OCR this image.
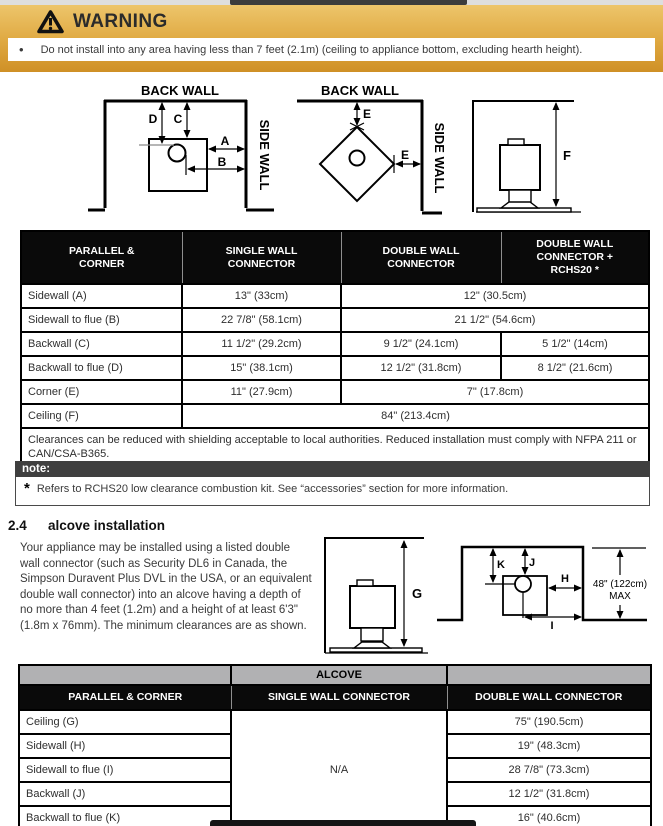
WARNING
• Do not install into any area having less than 7 feet (2.1m) (ceiling to appliance bottom, excluding hearth height).
BACK WALL
SIDE WALL
D C
A
B
BACK WALL
SIDE WALL
E
E	F
PARALLEL & CORNER	SINGLE WALL CONNECTOR	DOUBLE WALL CONNECTOR	DOUBLE WALL CONNECTOR + RCHS20 *
Sidewall (A)	13" (33cm)	12" (30.5cm)	
Sidewall to flue (B)	22 7/8" (58.1cm)	21 1/2" (54.6cm)	
Backwall (C)	11 1/2" (29.2cm)	9 1/2" (24.1cm)	5 1/2" (14cm)
Backwall to flue (D)	15" (38.1cm)	12 1/2" (31.8cm)	8 1/2" (21.6cm)
Corner (E)	11" (27.9cm)	7" (17.8cm)	
Ceiling (F)	84" (213.4cm)		
Clearances can be reduced with shielding acceptable to local authorities. Reduced installation must comply with NFPA 211 or CAN/CSA-B365.			
note:
* Refers to RCHS20 low clearance combustion kit. See “accessories” section for more information.
2.4	alcove installation
Your appliance may be installed using a listed double wall connector (such as Security DL6 in Canada, the Simpson Duravent Plus DVL in the USA, or an equivalent double wall connector) into an alcove having a depth of no more than 4 feet (1.2m) and a height of at least 6'3" (1.8m x 76mm). The minimum clearances are as shown.
G
K J
H
I
48" (122cm)
MAX
	ALCOVE	
PARALLEL & CORNER	SINGLE WALL CONNECTOR	DOUBLE WALL CONNECTOR
Ceiling (G)	N/A	75" (190.5cm)
Sidewall (H)		19" (48.3cm)
Sidewall to flue (I)		28 7/8" (73.3cm)
Backwall (J)		12 1/2" (31.8cm)
Backwall to flue (K)		16" (40.6cm)
